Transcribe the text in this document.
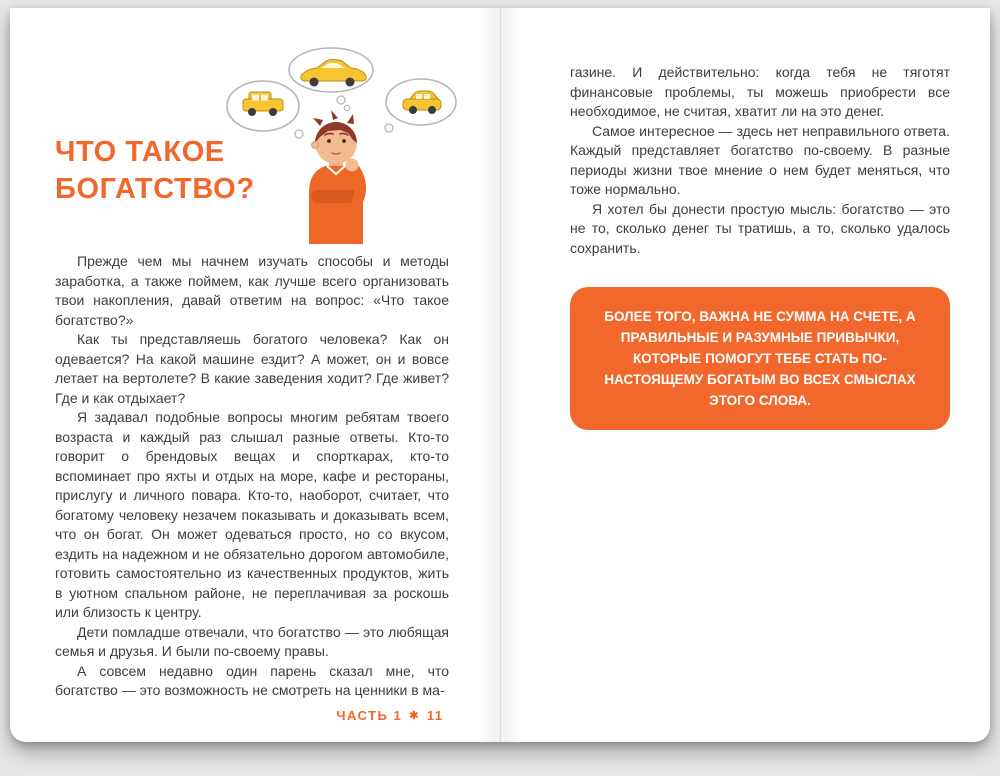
ЧТО ТАКОЕ
БОГАТСТВО?

Прежде чем мы начнем изучать способы и методы заработка, а также поймем, как лучше всего организовать твои накопления, давай ответим на вопрос: «Что такое богатство?»

Как ты представляешь богатого человека? Как он одевается? На какой машине ездит? А может, он и вовсе летает на вертолете? В какие заведения ходит? Где живет? Где и как отдыхает?

Я задавал подобные вопросы многим ребятам твоего возраста и каждый раз слышал разные ответы. Кто-то говорит о брендовых вещах и спорткарах, кто-то вспоминает про яхты и отдых на море, кафе и рестораны, прислугу и личного повара. Кто-то, наоборот, считает, что богатому человеку незачем показывать и доказывать всем, что он богат. Он может одеваться просто, но со вкусом, ездить на надежном и не обязательно дорогом автомобиле, готовить самостоятельно из качественных продуктов, жить в уютном спальном районе, не переплачивая за роскошь или близость к центру.

Дети помладше отвечали, что богатство — это любящая семья и друзья. И были по-своему правы.

А совсем недавно один парень сказал мне, что богатство — это возможность не смотреть на ценники в ма-

ЧАСТЬ 1 ✱ 11

газине. И действительно: когда тебя не тяготят финансовые проблемы, ты можешь приобрести все необходимое, не считая, хватит ли на это денег.

Самое интересное — здесь нет неправильного ответа. Каждый представляет богатство по-своему. В разные периоды жизни твое мнение о нем будет меняться, что тоже нормально.

Я хотел бы донести простую мысль: богатство — это не то, сколько денег ты тратишь, а то, сколько удалось сохранить.

БОЛЕЕ ТОГО, ВАЖНА НЕ СУММА НА СЧЕТЕ, А ПРАВИЛЬНЫЕ И РАЗУМНЫЕ ПРИВЫЧКИ, КОТОРЫЕ ПОМОГУТ ТЕБЕ СТАТЬ ПО-НАСТОЯЩЕМУ БОГАТЫМ ВО ВСЕХ СМЫСЛАХ ЭТОГО СЛОВА.
